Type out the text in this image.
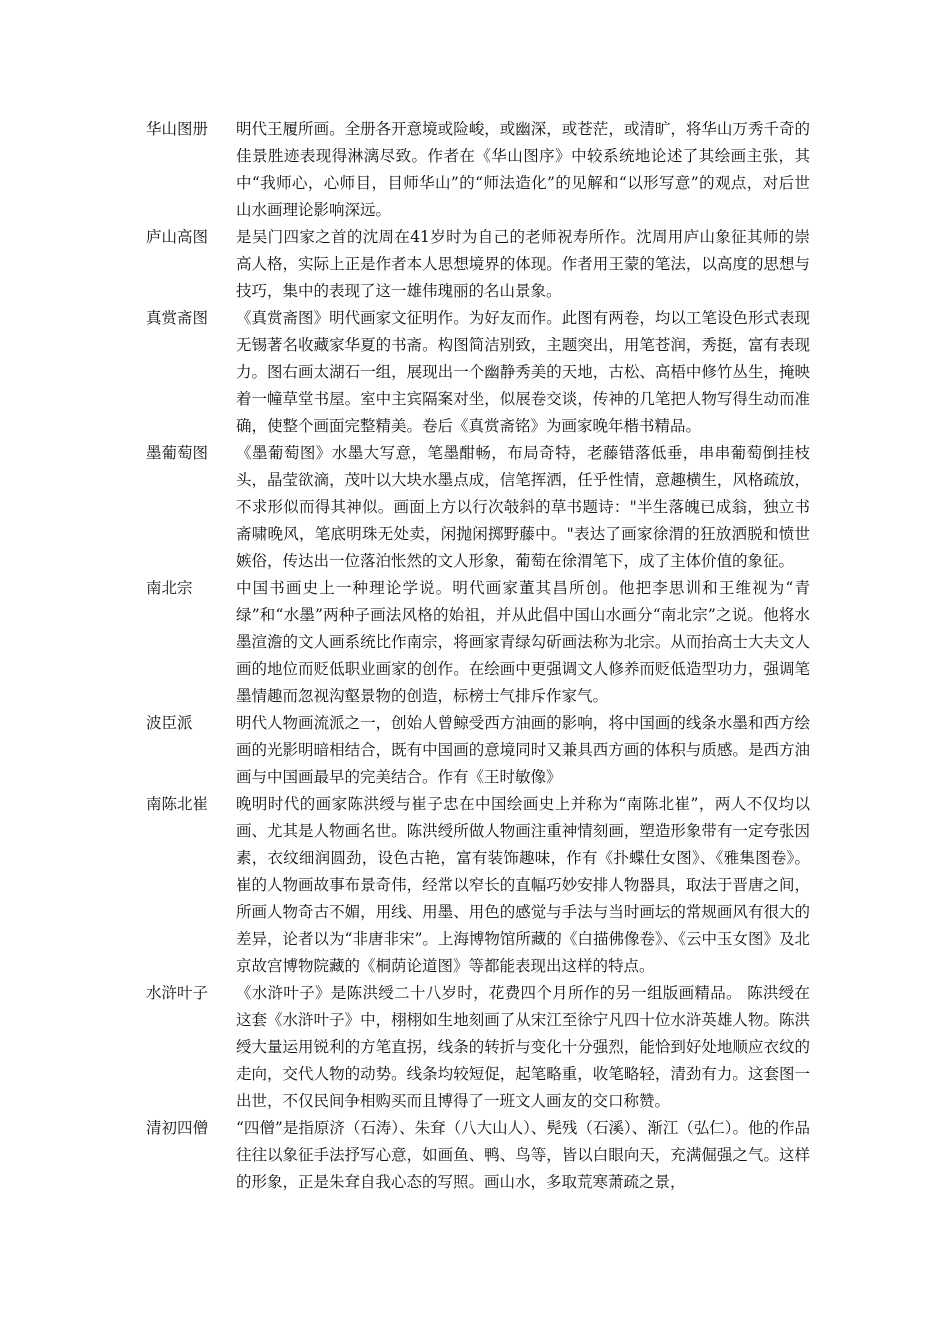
华山图册	明代王履所画。全册各开意境或险峻，或幽深，或苍茫，或清旷，将华山万秀千奇的佳景胜迹表现得淋漓尽致。作者在《华山图序》中较系统地论述了其绘画主张，其中“我师心，心师目，目师华山”的“师法造化”的见解和“以形写意”的观点，对后世山水画理论影响深远。
庐山高图	是吴门四家之首的沈周在41岁时为自己的老师祝寿所作。沈周用庐山象征其师的崇高人格，实际上正是作者本人思想境界的体现。作者用王蒙的笔法，以高度的思想与技巧，集中的表现了这一雄伟瑰丽的名山景象。
真赏斋图	《真赏斋图》明代画家文征明作。为好友而作。此图有两卷，均以工笔设色形式表现无锡著名收藏家华夏的书斋。构图简洁别致，主题突出，用笔苍润，秀挺，富有表现力。图右画太湖石一组，展现出一个幽静秀美的天地，古松、高梧中修竹丛生，掩映着一幢草堂书屋。室中主宾隔案对坐，似展卷交谈，传神的几笔把人物写得生动而准确，使整个画面完整精美。卷后《真赏斋铭》为画家晚年楷书精品。
墨葡萄图	《墨葡萄图》水墨大写意，笔墨酣畅，布局奇特，老藤错落低垂，串串葡萄倒挂枝头，晶莹欲滴，茂叶以大块水墨点成，信笔挥洒，任乎性情，意趣横生，风格疏放，不求形似而得其神似。画面上方以行次攲斜的草书题诗："半生落魄已成翁，独立书斋啸晚风，笔底明珠无处卖，闲抛闲掷野藤中。"表达了画家徐渭的狂放洒脱和愤世嫉俗，传达出一位落泊怅然的文人形象，葡萄在徐渭笔下，成了主体价值的象征。
南北宗	中国书画史上一种理论学说。明代画家董其昌所创。他把李思训和王维视为“青绿”和“水墨”两种子画法风格的始祖，并从此倡中国山水画分“南北宗”之说。他将水墨渲澹的文人画系统比作南宗，将画家青绿勾斫画法称为北宗。从而抬高士大夫文人画的地位而贬低职业画家的创作。在绘画中更强调文人修养而贬低造型功力，强调笔墨情趣而忽视沟壑景物的创造，标榜士气排斥作家气。
波臣派	明代人物画流派之一，创始人曾鲸受西方油画的影响，将中国画的线条水墨和西方绘画的光影明暗相结合，既有中国画的意境同时又兼具西方画的体积与质感。是西方油画与中国画最早的完美结合。作有《王时敏像》
南陈北崔	晚明时代的画家陈洪绶与崔子忠在中国绘画史上并称为“南陈北崔”，两人不仅均以画、尤其是人物画名世。陈洪绶所做人物画注重神情刻画，塑造形象带有一定夸张因素，衣纹细润圆劲，设色古艳，富有装饰趣味，作有《扑蝶仕女图》、《雅集图卷》。崔的人物画故事布景奇伟，经常以窄长的直幅巧妙安排人物器具，取法于晋唐之间，所画人物奇古不媚，用线、用墨、用色的感觉与手法与当时画坛的常规画风有很大的差异，论者以为“非唐非宋”。上海博物馆所藏的《白描佛像卷》、《云中玉女图》及北京故宫博物院藏的《桐荫论道图》等都能表现出这样的特点。
水浒叶子	《水浒叶子》是陈洪绶二十八岁时，花费四个月所作的另一组版画精品。 陈洪绶在这套《水浒叶子》中，栩栩如生地刻画了从宋江至徐宁凡四十位水浒英雄人物。陈洪绶大量运用锐利的方笔直拐，线条的转折与变化十分强烈，能恰到好处地顺应衣纹的走向，交代人物的动势。线条均较短促，起笔略重，收笔略轻，清劲有力。这套图一出世，不仅民间争相购买而且博得了一班文人画友的交口称赞。
清初四僧	“四僧”是指原济（石涛）、朱耷（八大山人）、髡残（石溪）、渐江（弘仁）。他的作品往往以象征手法抒写心意，如画鱼、鸭、鸟等，皆以白眼向天，充满倔强之气。这样的形象，正是朱耷自我心态的写照。画山水，多取荒寒萧疏之景，
